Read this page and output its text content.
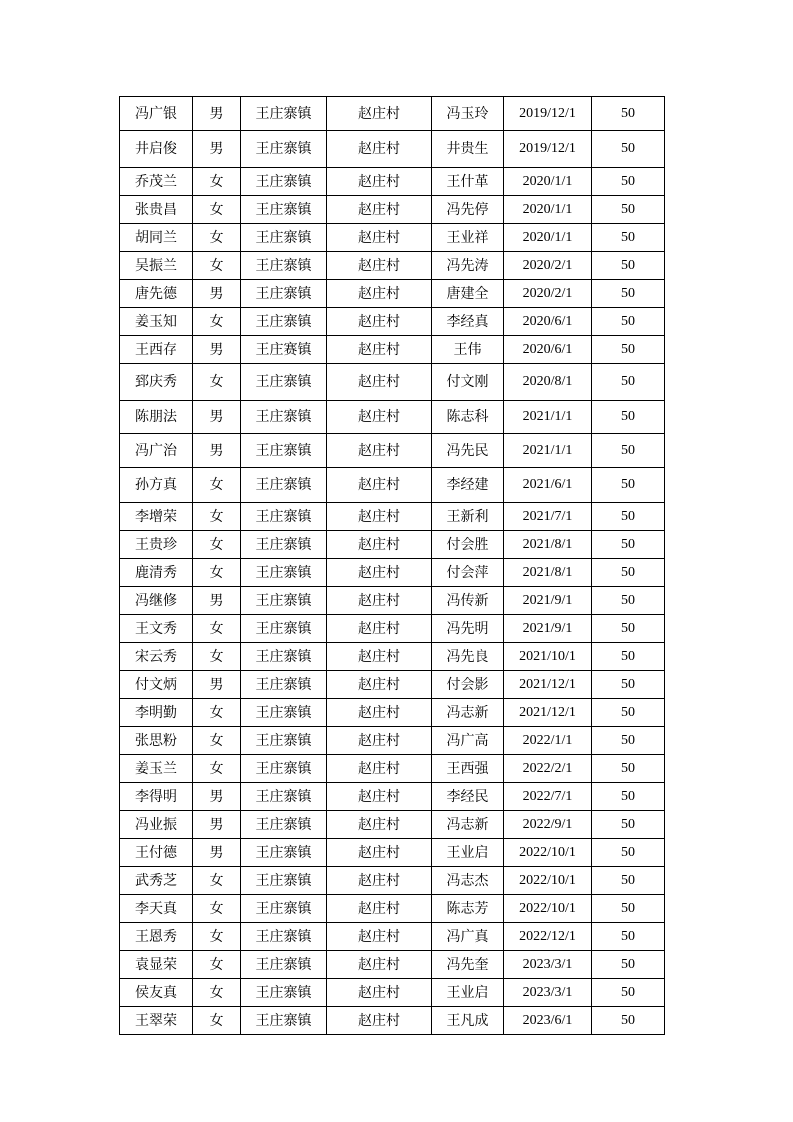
冯广银	男	王庄寨镇	赵庄村	冯玉玲	2019/12/1	50
井启俊	男	王庄寨镇	赵庄村	井贵生	2019/12/1	50
乔茂兰	女	王庄寨镇	赵庄村	王什革	2020/1/1	50
张贵昌	女	王庄寨镇	赵庄村	冯先停	2020/1/1	50
胡同兰	女	王庄寨镇	赵庄村	王业祥	2020/1/1	50
吴振兰	女	王庄寨镇	赵庄村	冯先涛	2020/2/1	50
唐先德	男	王庄寨镇	赵庄村	唐建全	2020/2/1	50
姜玉知	女	王庄寨镇	赵庄村	李经真	2020/6/1	50
王西存	男	王庄赛镇	赵庄村	王伟	2020/6/1	50
郅庆秀	女	王庄寨镇	赵庄村	付文刚	2020/8/1	50
陈朋法	男	王庄寨镇	赵庄村	陈志科	2021/1/1	50
冯广治	男	王庄寨镇	赵庄村	冯先民	2021/1/1	50
孙方真	女	王庄寨镇	赵庄村	李经建	2021/6/1	50
李增荣	女	王庄寨镇	赵庄村	王新利	2021/7/1	50
王贵珍	女	王庄寨镇	赵庄村	付会胜	2021/8/1	50
鹿清秀	女	王庄寨镇	赵庄村	付会萍	2021/8/1	50
冯继修	男	王庄寨镇	赵庄村	冯传新	2021/9/1	50
王文秀	女	王庄寨镇	赵庄村	冯先明	2021/9/1	50
宋云秀	女	王庄寨镇	赵庄村	冯先良	2021/10/1	50
付文炳	男	王庄寨镇	赵庄村	付会影	2021/12/1	50
李明勤	女	王庄寨镇	赵庄村	冯志新	2021/12/1	50
张思粉	女	王庄寨镇	赵庄村	冯广高	2022/1/1	50
姜玉兰	女	王庄寨镇	赵庄村	王西强	2022/2/1	50
李得明	男	王庄寨镇	赵庄村	李经民	2022/7/1	50
冯业振	男	王庄寨镇	赵庄村	冯志新	2022/9/1	50
王付德	男	王庄寨镇	赵庄村	王业启	2022/10/1	50
武秀芝	女	王庄寨镇	赵庄村	冯志杰	2022/10/1	50
李天真	女	王庄寨镇	赵庄村	陈志芳	2022/10/1	50
王恩秀	女	王庄寨镇	赵庄村	冯广真	2022/12/1	50
袁显荣	女	王庄寨镇	赵庄村	冯先奎	2023/3/1	50
侯友真	女	王庄寨镇	赵庄村	王业启	2023/3/1	50
王翠荣	女	王庄寨镇	赵庄村	王凡成	2023/6/1	50
